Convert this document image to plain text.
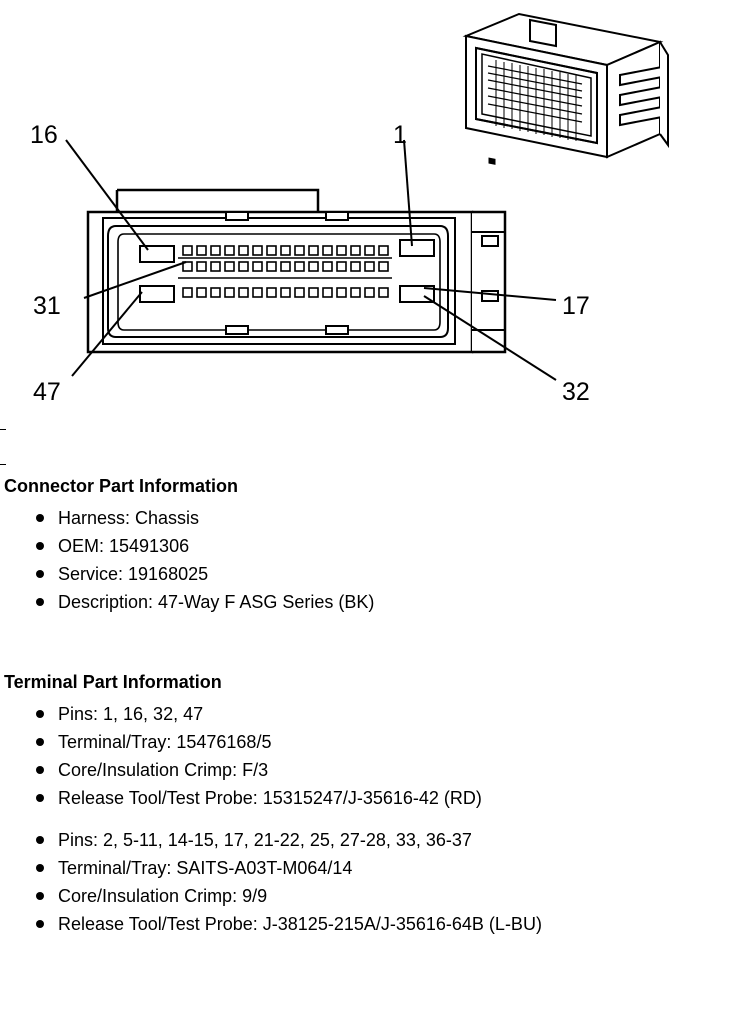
16	1
31	17
47	32
Connector Part Information
Harness: Chassis
OEM: 15491306
Service: 19168025
Description: 47-Way F ASG Series (BK)
Terminal Part Information
Pins: 1, 16, 32, 47
Terminal/Tray: 15476168/5
Core/Insulation Crimp: F/3
Release Tool/Test Probe: 15315247/J-35616-42 (RD)
Pins: 2, 5-11, 14-15, 17, 21-22, 25, 27-28, 33, 36-37
Terminal/Tray: SAITS-A03T-M064/14
Core/Insulation Crimp: 9/9
Release Tool/Test Probe: J-38125-215A/J-35616-64B (L-BU)
